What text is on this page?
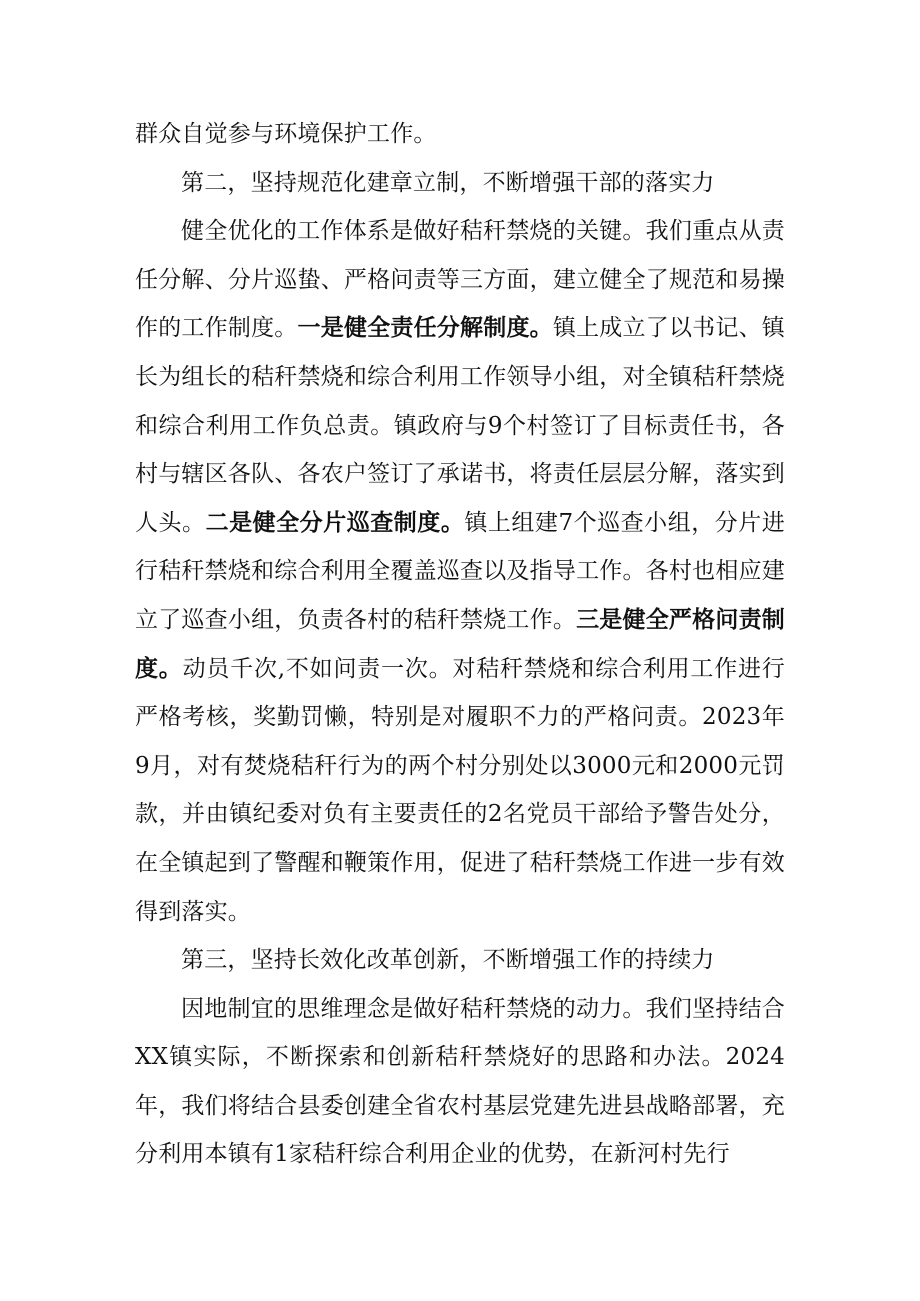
群众自觉参与环境保护工作。

第二，坚持规范化建章立制，不断增强干部的落实力

健全优化的工作体系是做好秸秆禁烧的关键。我们重点从责任分解、分片巡蛰、严格问责等三方面，建立健全了规范和易操作的工作制度。一是健全责任分解制度。镇上成立了以书记、镇长为组长的秸秆禁烧和综合利用工作领导小组，对全镇秸秆禁烧和综合利用工作负总责。镇政府与9个村签订了目标责任书，各村与辖区各队、各农户签订了承诺书，将责任层层分解，落实到人头。二是健全分片巡查制度。镇上组建7个巡查小组，分片进行秸秆禁烧和综合利用全覆盖巡查以及指导工作。各村也相应建立了巡查小组，负责各村的秸秆禁烧工作。三是健全严格问责制度。动员千次,不如问责一次。对秸秆禁烧和综合利用工作进行严格考核，奖勤罚懒，特别是对履职不力的严格问责。2023年9月，对有焚烧秸秆行为的两个村分别处以3000元和2000元罚款，并由镇纪委对负有主要责任的2名党员干部给予警告处分，在全镇起到了警醒和鞭策作用，促进了秸秆禁烧工作进一步有效得到落实。

第三，坚持长效化改革创新，不断增强工作的持续力

因地制宜的思维理念是做好秸秆禁烧的动力。我们坚持结合XX镇实际，不断探索和创新秸秆禁烧好的思路和办法。2024年，我们将结合县委创建全省农村基层党建先进县战略部署，充分利用本镇有1家秸秆综合利用企业的优势，在新河村先行
